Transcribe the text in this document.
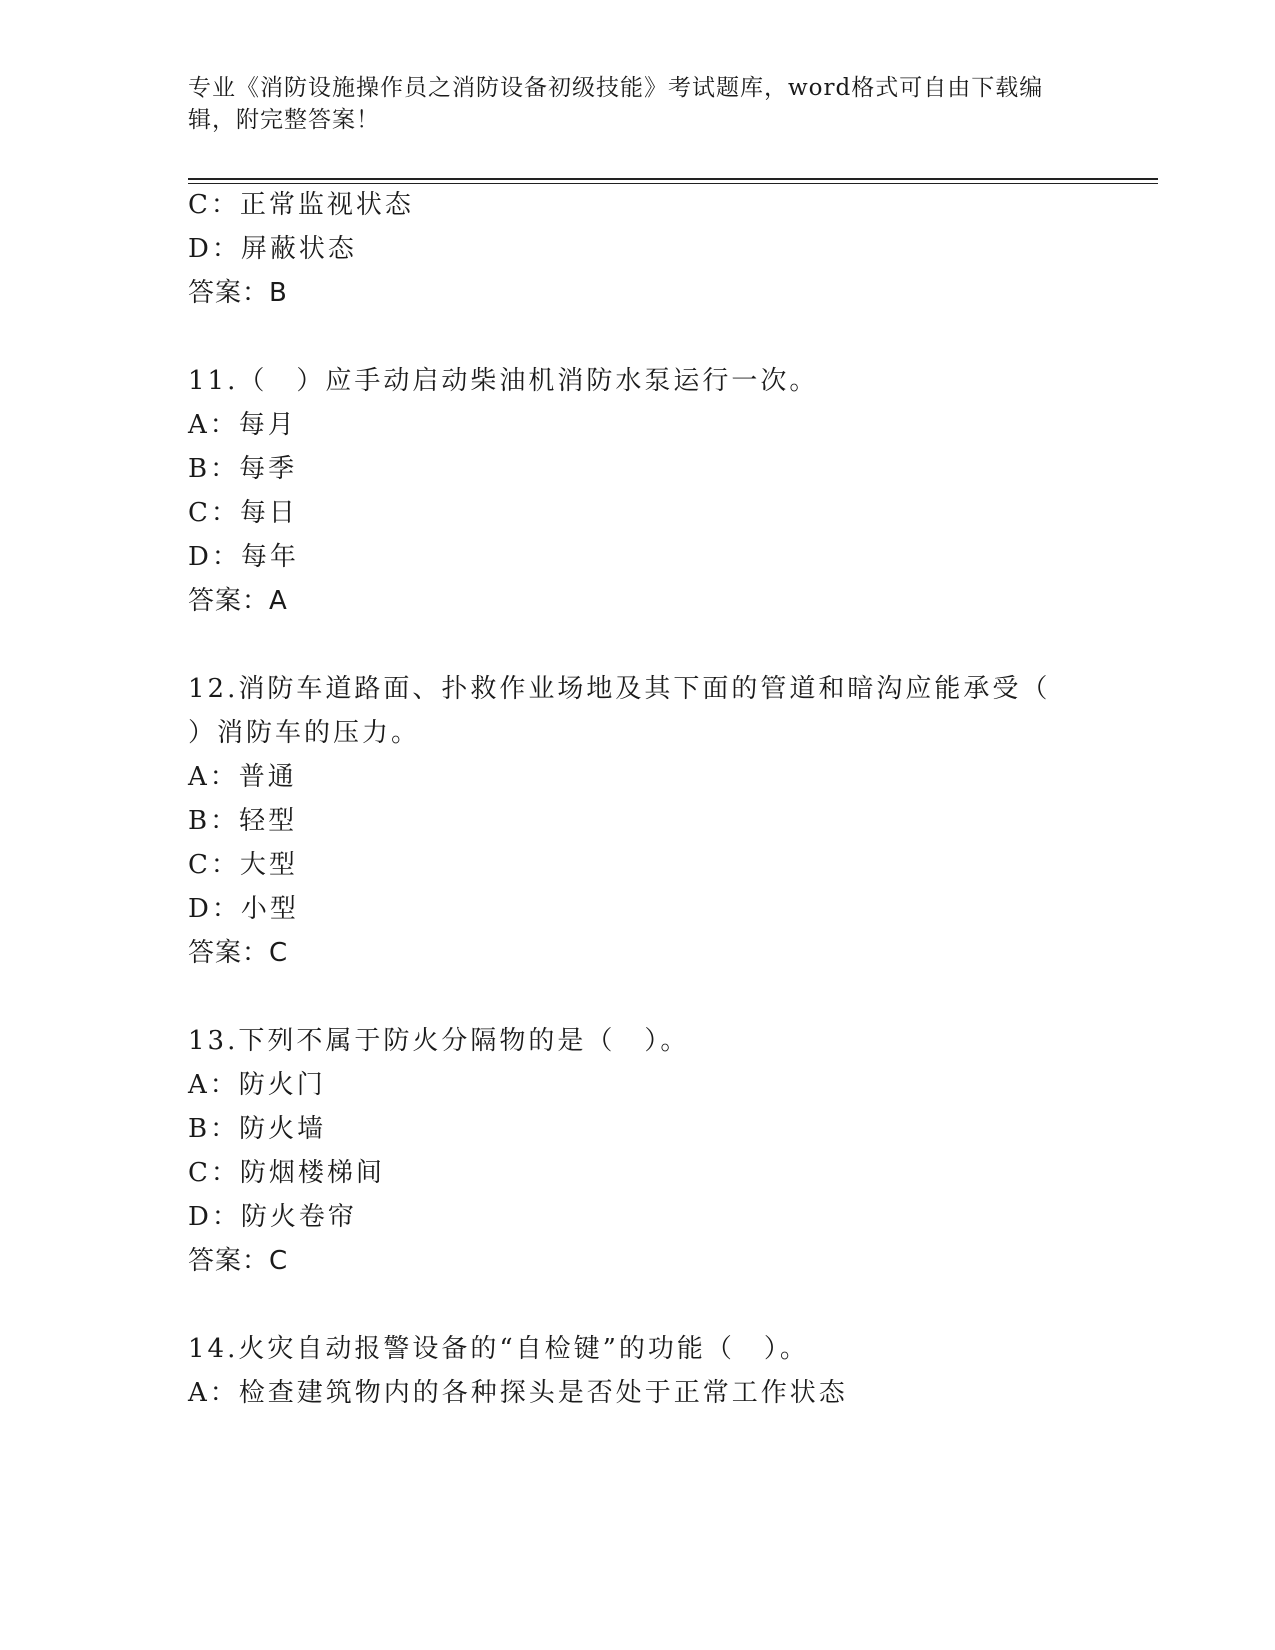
专业《消防设施操作员之消防设备初级技能》考试题库，word格式可自由下载编
辑，附完整答案！
C：正常监视状态
D：屏蔽状态
答案：B
11.（　）应手动启动柴油机消防水泵运行一次。
A：每月
B：每季
C：每日
D：每年
答案：A
12.消防车道路面、扑救作业场地及其下面的管道和暗沟应能承受（
）消防车的压力。
A：普通
B：轻型
C：大型
D：小型
答案：C
13.下列不属于防火分隔物的是（　）。
A：防火门
B：防火墙
C：防烟楼梯间
D：防火卷帘
答案：C
14.火灾自动报警设备的“自检键”的功能（　）。
A：检查建筑物内的各种探头是否处于正常工作状态
